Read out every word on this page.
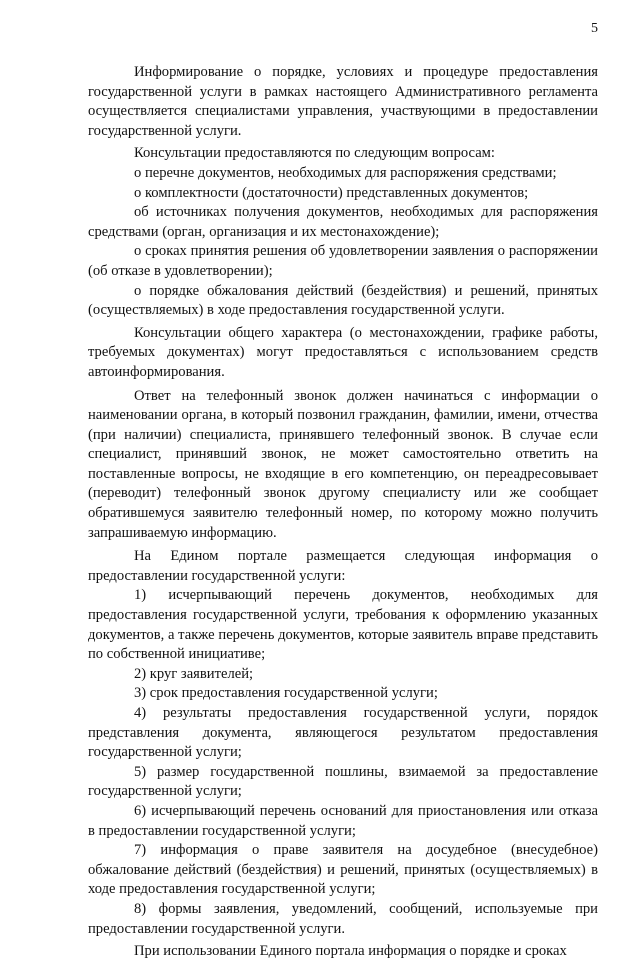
5

Информирование о порядке, условиях и процедуре предоставления государственной услуги в рамках настоящего Административного регламента осуществляется специалистами управления, участвующими в предоставлении государственной услуги.

Консультации предоставляются по следующим вопросам:

о перечне документов, необходимых для распоряжения средствами;

о комплектности (достаточности) представленных документов;

об источниках получения документов, необходимых для распоряжения средствами (орган, организация и их местонахождение);

о сроках принятия решения об удовлетворении заявления о распоряжении (об отказе в удовлетворении);

о порядке обжалования действий (бездействия) и решений, принятых (осуществляемых) в ходе предоставления государственной услуги.

Консультации общего характера (о местонахождении, графике работы, требуемых документах) могут предоставляться с использованием средств автоинформирования.

Ответ на телефонный звонок должен начинаться с информации о наименовании органа, в который позвонил гражданин, фамилии, имени, отчества (при наличии) специалиста, принявшего телефонный звонок. В случае если специалист, принявший звонок, не может самостоятельно ответить на поставленные вопросы, не входящие в его компетенцию, он переадресовывает (переводит) телефонный звонок другому специалисту или же сообщает обратившемуся заявителю телефонный номер, по которому можно получить запрашиваемую информацию.

На Едином портале размещается следующая информация о предоставлении государственной услуги:

1) исчерпывающий перечень документов, необходимых для предоставления государственной услуги, требования к оформлению указанных документов, а также перечень документов, которые заявитель вправе представить по собственной инициативе;

2) круг заявителей;

3) срок предоставления государственной услуги;

4) результаты предоставления государственной услуги, порядок представления документа, являющегося результатом предоставления государственной услуги;

5) размер государственной пошлины, взимаемой за предоставление государственной услуги;

6) исчерпывающий перечень оснований для приостановления или отказа в предоставлении государственной услуги;

7) информация о праве заявителя на досудебное (внесудебное) обжалование действий (бездействия) и решений, принятых (осуществляемых) в ходе предоставления государственной услуги;

8) формы заявления, уведомлений, сообщений, используемые при предоставлении государственной услуги.

При использовании Единого портала информация о порядке и сроках
